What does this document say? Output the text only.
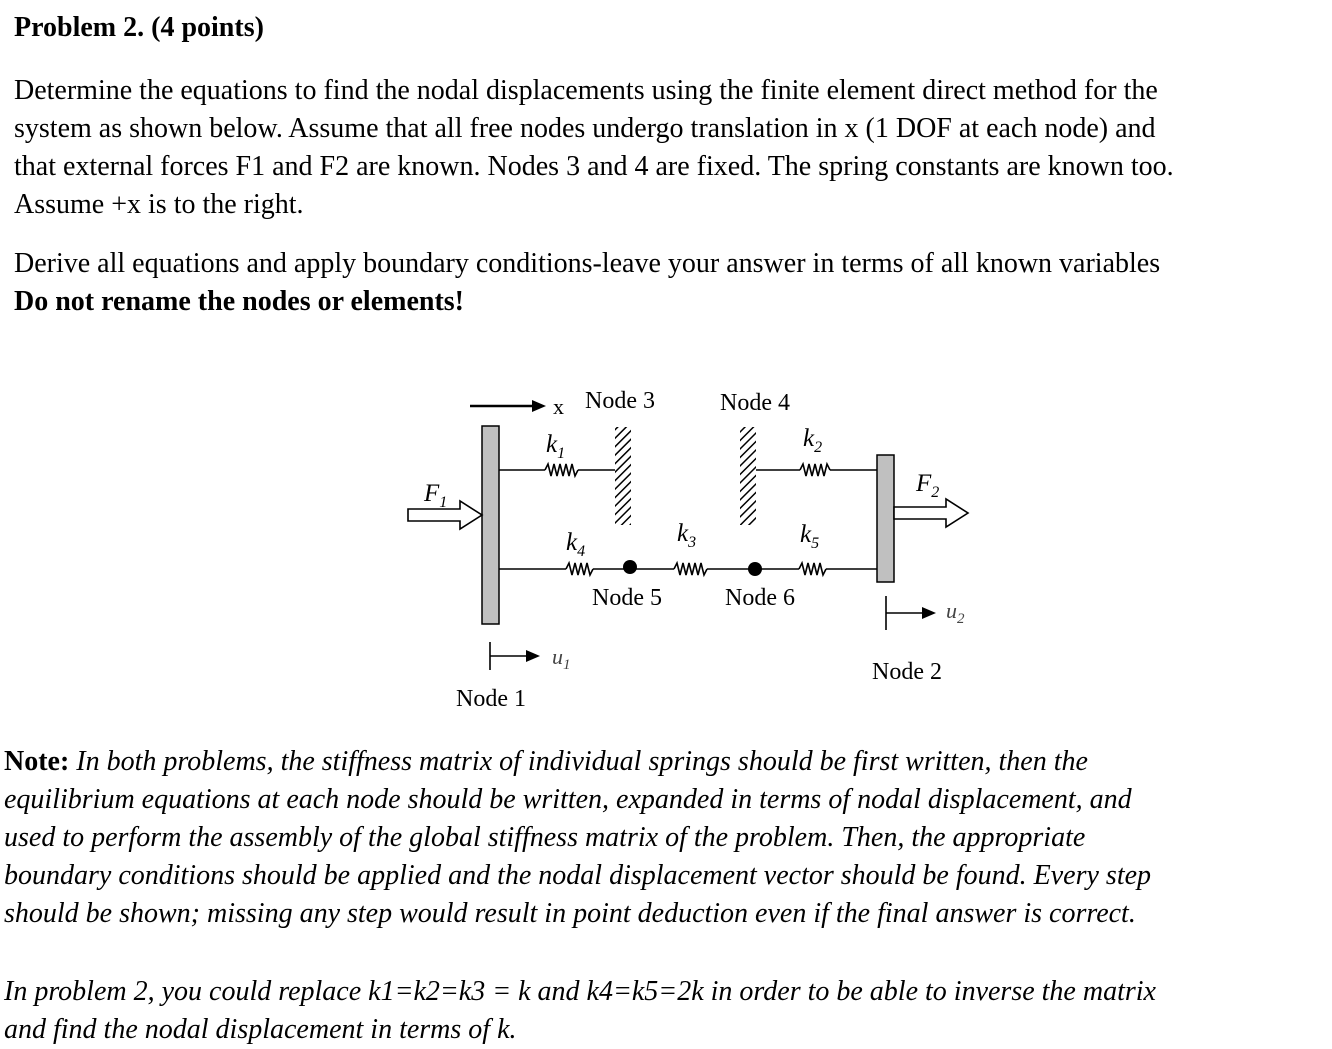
Problem 2. (4 points)
Determine the equations to find the nodal displacements using the finite element direct method for the
system as shown below. Assume that all free nodes undergo translation in x (1 DOF at each node) and
that external forces F1 and F2 are known. Nodes 3 and 4 are fixed. The spring constants are known too.
Assume +x is to the right.
Derive all equations and apply boundary conditions-leave your answer in terms of all known variables
Do not rename the nodes or elements!
x Node 3	Node 4
Node 5	Node 6
Node 1
Node 2
$k_1$
$k_2$
$k_3$
$k_4$
$k_5$
$F_1$
$F_2$
$u_1$
$u_2$
Note: In both problems, the stiffness matrix of individual springs should be first written, then the
equilibrium equations at each node should be written, expanded in terms of nodal displacement, and
used to perform the assembly of the global stiffness matrix of the problem. Then, the appropriate
boundary conditions should be applied and the nodal displacement vector should be found. Every step
should be shown; missing any step would result in point deduction even if the final answer is correct.
In problem 2, you could replace k1=k2=k3 = k and k4=k5=2k in order to be able to inverse the matrix
and find the nodal displacement in terms of k.
